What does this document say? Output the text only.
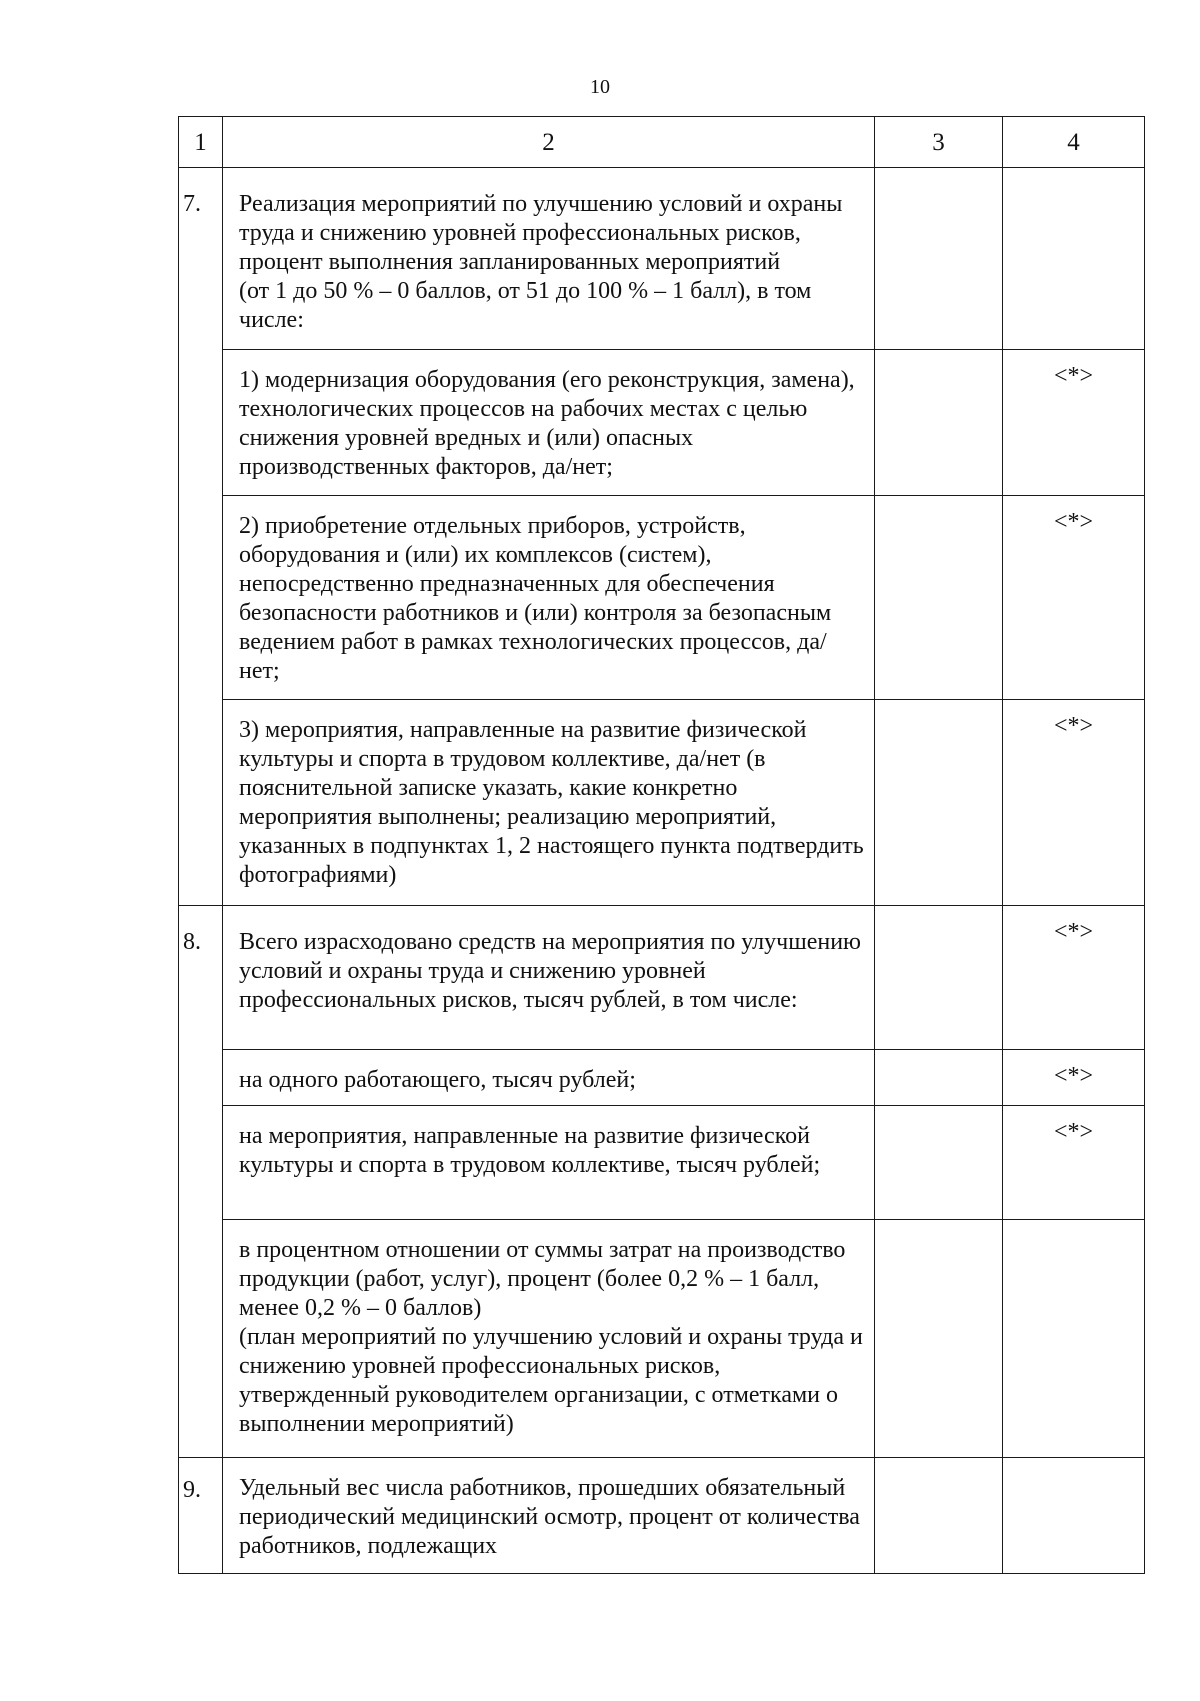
10
1	2	3	4
7.	Реализация мероприятий по улучшению условий и охраны труда и снижению уровней профессиональных рисков, процент выполнения запланированных мероприятий
(от 1 до 50 % – 0 баллов, от 51 до 100 % – 1 балл), в том числе:		

	1) модернизация оборудования (его реконструкция, замена), технологических процессов на рабочих местах с целью снижения уровней вредных и (или) опасных производственных факторов, да/нет;		<*>
	2) приобретение отдельных приборов, устройств, оборудования и (или) их комплексов (систем), непосредственно предназначенных для обеспечения безопасности работников и (или) контроля за безопасным ведением работ в рамках технологических процессов, да/нет;		<*>
	3) мероприятия, направленные на развитие физической культуры и спорта в трудовом коллективе, да/нет (в пояснительной записке указать, какие конкретно мероприятия выполнены; реализацию мероприятий, указанных в подпунктах 1, 2 настоящего пункта подтвердить фотографиями)		<*>
8.	Всего израсходовано средств на мероприятия по улучшению условий и охраны труда и снижению уровней профессиональных рисков, тысяч рублей, в том числе:		<*>
	на одного работающего, тысяч рублей;		<*>
	на мероприятия, направленные на развитие физической культуры и спорта в трудовом коллективе, тысяч рублей;		<*>

	в процентном отношении от суммы затрат на производство продукции (работ, услуг), процент (более 0,2 % – 1 балл, менее 0,2 % – 0 баллов)
(план мероприятий по улучшению условий и охраны труда и снижению уровней профессиональных рисков, утвержденный руководителем организации, с отметками о выполнении мероприятий)		

9.	Удельный вес числа работников, прошедших обязательный периодический медицинский осмотр, процент от количества работников, подлежащих		
